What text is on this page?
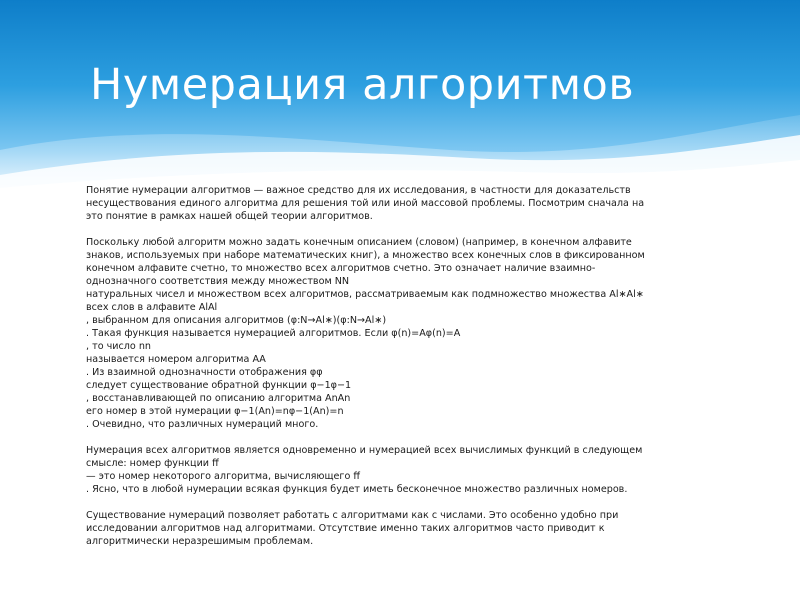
Нумерация алгоритмов
Понятие нумерации алгоритмов — важное средство для их исследования, в частности для доказательств
несуществования единого алгоритма для решения той или иной массовой проблемы. Посмотрим сначала на
это понятие в рамках нашей общей теории алгоритмов.
Поскольку любой алгоритм можно задать конечным описанием (словом) (например, в конечном алфавите
знаков, используемых при наборе математических книг), а множество всех конечных слов в фиксированном
конечном алфавите счетно, то множество всех алгоритмов счетно. Это означает наличие взаимно-
однозначного соответствия между множеством NN
натуральных чисел и множеством всех алгоритмов, рассматриваемым как подмножество множества Al∗Al∗
всех слов в алфавите AlAl
, выбранном для описания алгоритмов (φ:N→Al∗)(φ:N→Al∗)
. Такая функция называется нумерацией алгоритмов. Если φ(n)=Aφ(n)=A
, то число nn
называется номером алгоритма AA
. Из взаимной однозначности отображения φφ
следует существование обратной функции φ−1φ−1
, восстанавливающей по описанию алгоритма AnAn
его номер в этой нумерации φ−1(An)=nφ−1(An)=n
. Очевидно, что различных нумераций много.
Нумерация всех алгоритмов является одновременно и нумерацией всех вычислимых функций в следующем
смысле: номер функции ff
— это номер некоторого алгоритма, вычисляющего ff
. Ясно, что в любой нумерации всякая функция будет иметь бесконечное множество различных номеров.
Существование нумераций позволяет работать с алгоритмами как с числами. Это особенно удобно при
исследовании алгоритмов над алгоритмами. Отсутствие именно таких алгоритмов часто приводит к
алгоритмически неразрешимым проблемам.
